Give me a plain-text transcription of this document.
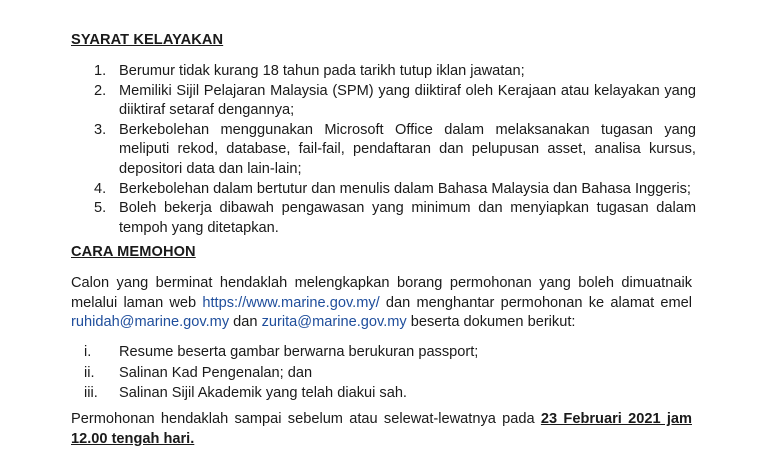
SYARAT KELAYAKAN
1. Berumur tidak kurang 18 tahun pada tarikh tutup iklan jawatan;
2. Memiliki Sijil Pelajaran Malaysia (SPM) yang diiktiraf oleh Kerajaan atau kelayakan yang diiktiraf setaraf dengannya;
3. Berkebolehan menggunakan Microsoft Office dalam melaksanakan tugasan yang meliputi rekod, database, fail-fail, pendaftaran dan pelupusan asset, analisa kursus, depositori data dan lain-lain;
4. Berkebolehan dalam bertutur dan menulis dalam Bahasa Malaysia dan Bahasa Inggeris;
5. Boleh bekerja dibawah pengawasan yang minimum dan menyiapkan tugasan dalam tempoh yang ditetapkan.
CARA MEMOHON

Calon yang berminat hendaklah melengkapkan borang permohonan yang boleh dimuatnaik melalui laman web https://www.marine.gov.my/ dan menghantar permohonan ke alamat emel ruhidah@marine.gov.my dan zurita@marine.gov.my beserta dokumen berikut:

i. Resume beserta gambar berwarna berukuran passport;
ii. Salinan Kad Pengenalan; dan
iii. Salinan Sijil Akademik yang telah diakui sah.

Permohonan hendaklah sampai sebelum atau selewat-lewatnya pada 23 Februari 2021 jam 12.00 tengah hari.
